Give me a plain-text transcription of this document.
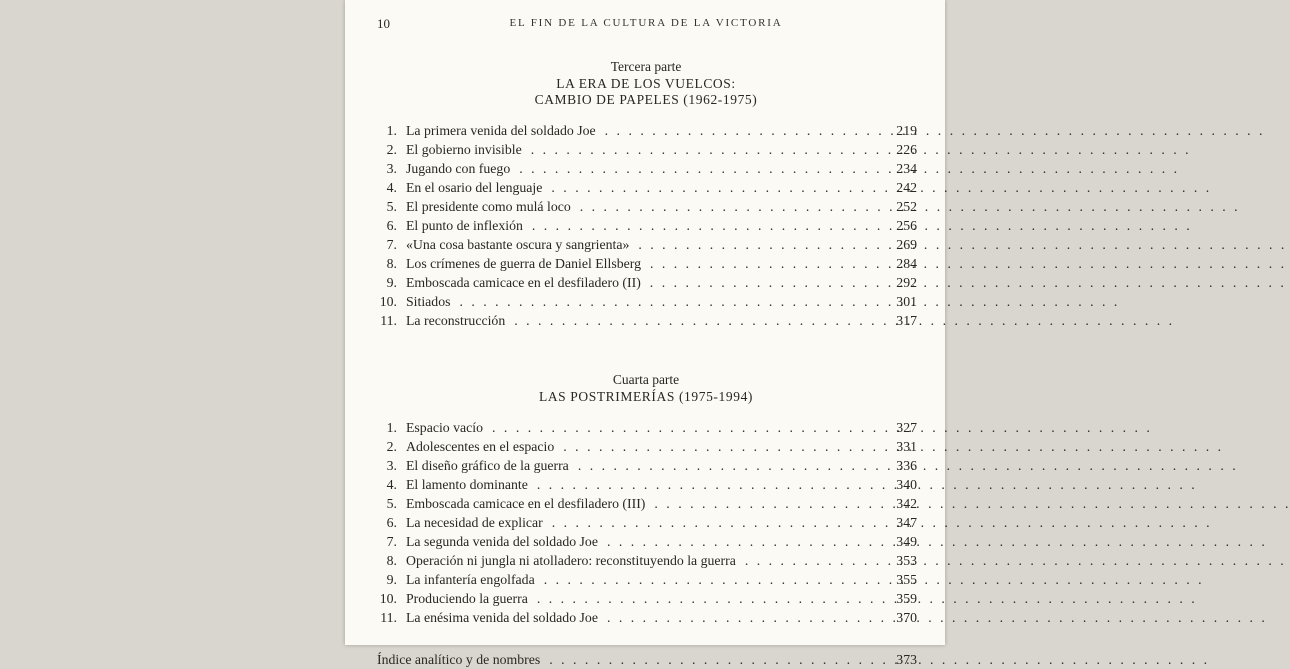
10	EL FIN DE LA CULTURA DE LA VICTORIA
Tercera parte
LA ERA DE LOS VUELCOS:
CAMBIO DE PAPELES (1962-1975)
1. La primera venida del soldado Joe . . .	219
2. El gobierno invisible . . .	226
3. Jugando con fuego . . .	234
4. En el osario del lenguaje . . .	242
5. El presidente como mulá loco . . .	252
6. El punto de inflexión . . .	256
7. «Una cosa bastante oscura y sangrienta» . . .	269
8. Los crímenes de guerra de Daniel Ellsberg . . .	284
9. Emboscada camicace en el desfiladero (II) . . .	292
10. Sitiados . . .	301
11. La reconstrucción . . .	317
Cuarta parte
LAS POSTRIMERÍAS (1975-1994)
1. Espacio vacío . . .	327
2. Adolescentes en el espacio . . .	331
3. El diseño gráfico de la guerra . . .	336
4. El lamento dominante . . .	340
5. Emboscada camicace en el desfiladero (III) . . .	342
6. La necesidad de explicar . . .	347
7. La segunda venida del soldado Joe . . .	349
8. Operación ni jungla ni atolladero: reconstituyendo la guerra . . .	353
9. La infantería engolfada . . .	355
10. Produciendo la guerra . . .	359
11. La enésima venida del soldado Joe . . .	370
Índice analítico y de nombres . . .	373
